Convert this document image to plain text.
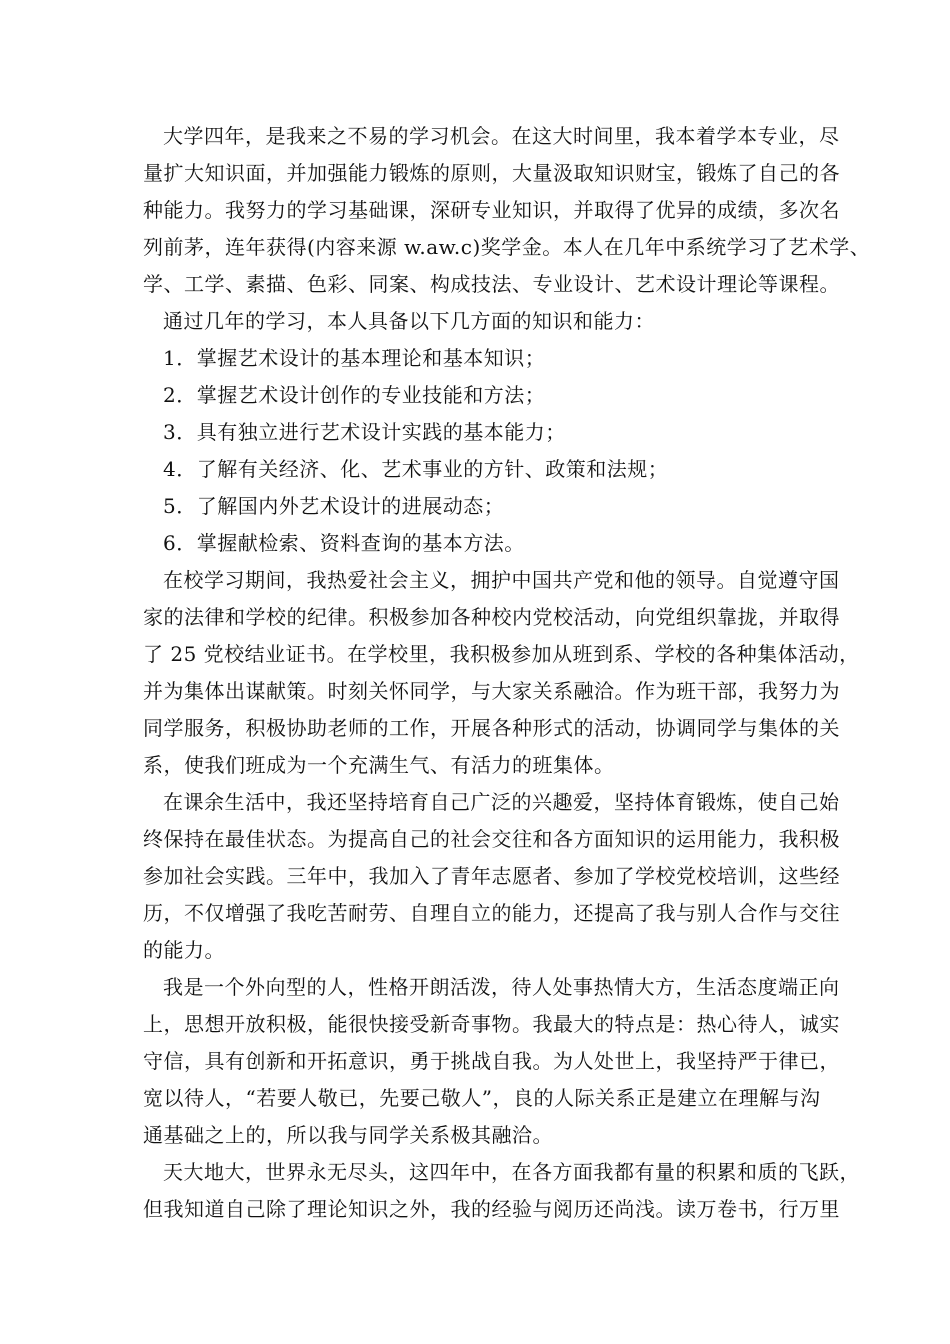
大学四年，是我来之不易的学习机会。在这大时间里，我本着学本专业，尽
量扩大知识面，并加强能力锻炼的原则，大量汲取知识财宝，锻炼了自己的各
种能力。我努力的学习基础课，深研专业知识，并取得了优异的成绩，多次名
列前茅，连年获得(内容来源 w.aw.c)奖学金。本人在几年中系统学习了艺术学、
学、工学、素描、色彩、同案、构成技法、专业设计、艺术设计理论等课程。
通过几年的学习，本人具备以下几方面的知识和能力：
1．掌握艺术设计的基本理论和基本知识；
2．掌握艺术设计创作的专业技能和方法；
3．具有独立进行艺术设计实践的基本能力；
4．了解有关经济、化、艺术事业的方针、政策和法规；
5．了解国内外艺术设计的进展动态；
6．掌握献检索、资料查询的基本方法。
在校学习期间，我热爱社会主义，拥护中国共产党和他的领导。自觉遵守国
家的法律和学校的纪律。积极参加各种校内党校活动，向党组织靠拢，并取得
了 25 党校结业证书。在学校里，我积极参加从班到系、学校的各种集体活动，
并为集体出谋献策。时刻关怀同学，与大家关系融洽。作为班干部，我努力为
同学服务，积极协助老师的工作，开展各种形式的活动，协调同学与集体的关
系，使我们班成为一个充满生气、有活力的班集体。
在课余生活中，我还坚持培育自己广泛的兴趣爱，坚持体育锻炼，使自己始
终保持在最佳状态。为提高自己的社会交往和各方面知识的运用能力，我积极
参加社会实践。三年中，我加入了青年志愿者、参加了学校党校培训，这些经
历，不仅增强了我吃苦耐劳、自理自立的能力，还提高了我与别人合作与交往
的能力。
我是一个外向型的人，性格开朗活泼，待人处事热情大方，生活态度端正向
上，思想开放积极，能很快接受新奇事物。我最大的特点是：热心待人，诚实
守信，具有创新和开拓意识，勇于挑战自我。为人处世上，我坚持严于律已，
宽以待人，“若要人敬已，先要己敬人”，良的人际关系正是建立在理解与沟
通基础之上的，所以我与同学关系极其融洽。
天大地大，世界永无尽头，这四年中，在各方面我都有量的积累和质的飞跃，
但我知道自己除了理论知识之外，我的经验与阅历还尚浅。读万卷书，行万里
